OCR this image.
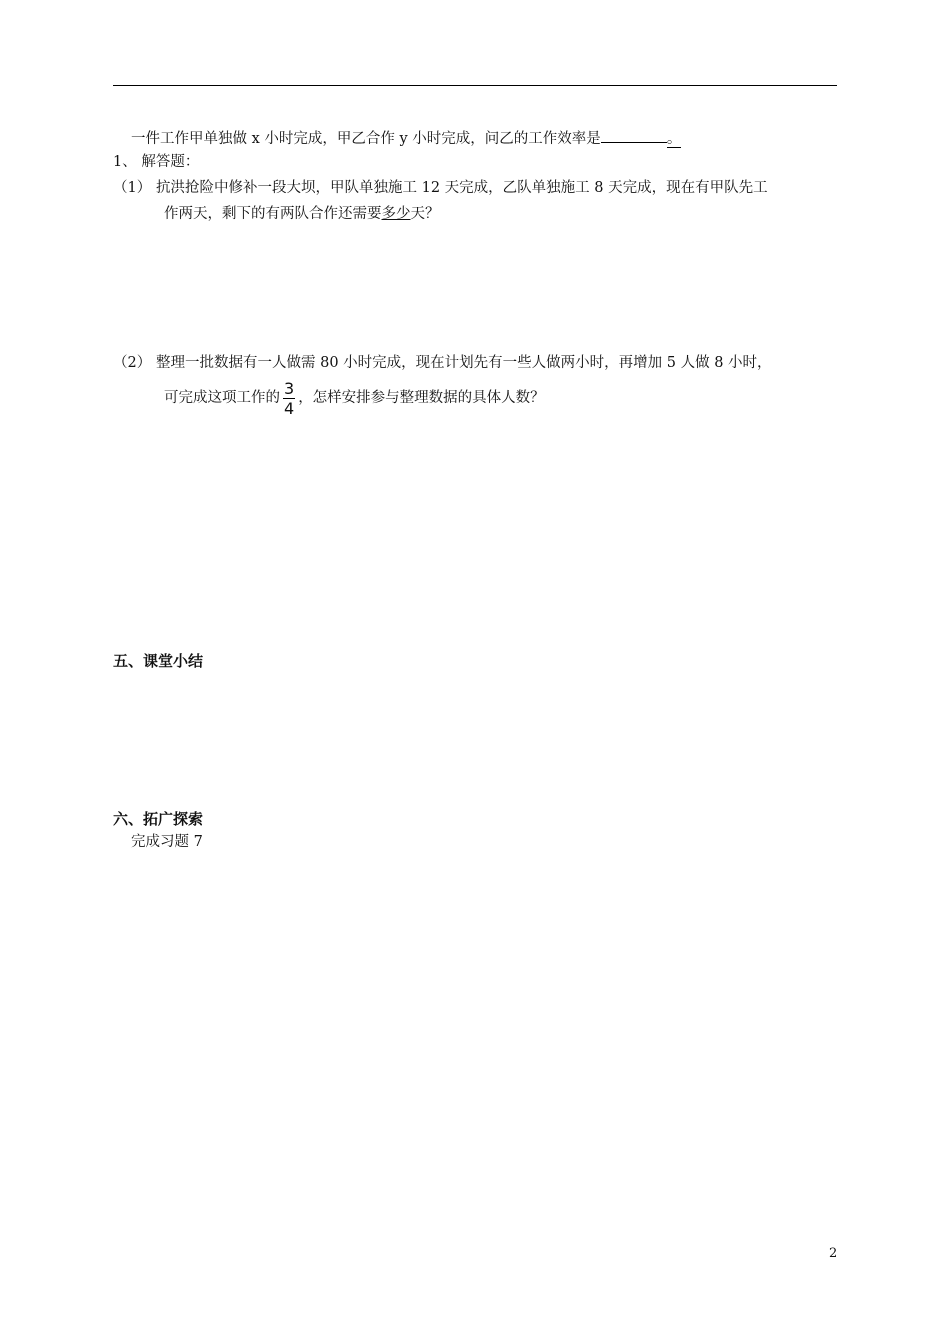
一件工作甲单独做 x 小时完成，甲乙合作 y 小时完成，问乙的工作效率是	。
1、 解答题：
（1） 抗洪抢险中修补一段大坝，甲队单独施工 12 天完成，乙队单独施工 8 天完成，现在有甲队先工
作两天，剩下的有两队合作还需要多少天？
（2） 整理一批数据有一人做需 80 小时完成，现在计划先有一些人做两小时，再增加 5 人做 8 小时，
可完成这项工作的 $\frac{3}{4}$ ，怎样安排参与整理数据的具体人数？
五、课堂小结
六、拓广探索
完成习题 7
2
